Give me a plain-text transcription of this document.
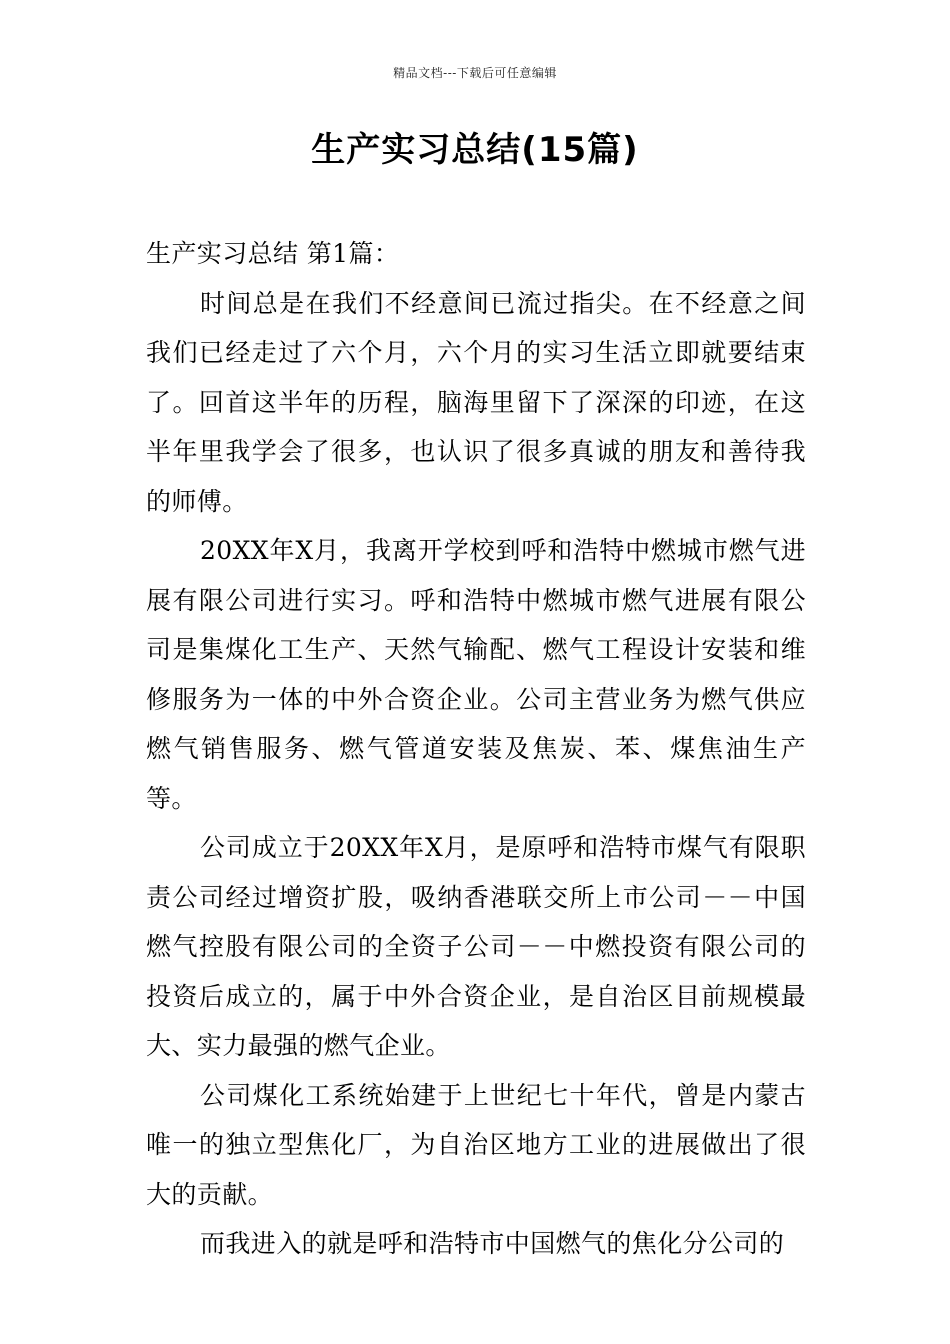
精品文档---下载后可任意编辑
生产实习总结(15篇)

生产实习总结 第1篇：

时间总是在我们不经意间已流过指尖。在不经意之间我们已经走过了六个月，六个月的实习生活立即就要结束了。回首这半年的历程，脑海里留下了深深的印迹，在这半年里我学会了很多，也认识了很多真诚的朋友和善待我的师傅。

20XX年X月，我离开学校到呼和浩特中燃城市燃气进展有限公司进行实习。呼和浩特中燃城市燃气进展有限公司是集煤化工生产、天然气输配、燃气工程设计安装和维修服务为一体的中外合资企业。公司主营业务为燃气供应燃气销售服务、燃气管道安装及焦炭、苯、煤焦油生产等。

公司成立于20XX年X月，是原呼和浩特市煤气有限职责公司经过增资扩股，吸纳香港联交所上市公司－－中国燃气控股有限公司的全资子公司－－中燃投资有限公司的投资后成立的，属于中外合资企业，是自治区目前规模最大、实力最强的燃气企业。

公司煤化工系统始建于上世纪七十年代，曾是内蒙古唯一的独立型焦化厂，为自治区地方工业的进展做出了很大的贡献。

而我进入的就是呼和浩特市中国燃气的焦化分公司的
